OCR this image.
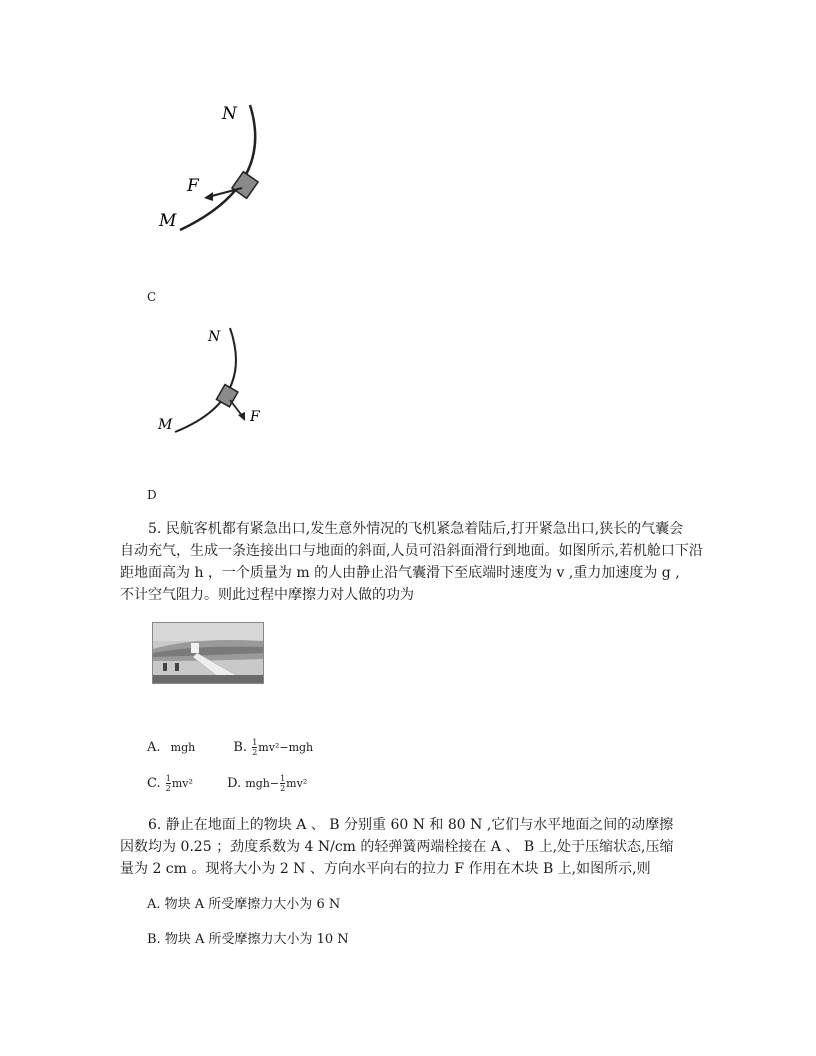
N
F
M
C
N
M	F
D

5. 民航客机都有紧急出口,发生意外情况的飞机紧急着陆后,打开紧急出口,狭长的气囊会

自动充气，生成一条连接出口与地面的斜面,人员可沿斜面滑行到地面。如图所示,若机舱口下沿

距地面高为 h ，一个质量为 m 的人由静止沿气囊滑下至底端时速度为 v ,重力加速度为 g ,

不计空气阻力。则此过程中摩擦力对人做的功为

A. mgh	B. $\frac{1}{2} mv^2-mgh$
C. $\frac{1}{2} mv^2$	D. $mgh- \frac{1}{2} mv^2$

6. 静止在地面上的物块 A 、 B 分别重 60 N 和 80 N ,它们与水平地面之间的动摩擦

因数均为 0.25 ；劲度系数为 4 N/cm 的轻弹簧两端栓接在 A 、 B 上,处于压缩状态,压缩

量为 2 cm 。现将大小为 2 N 、方向水平向右的拉力 F 作用在木块 B 上,如图所示,则

A. 物块 A 所受摩擦力大小为 6 N
B. 物块 A 所受摩擦力大小为 10 N
